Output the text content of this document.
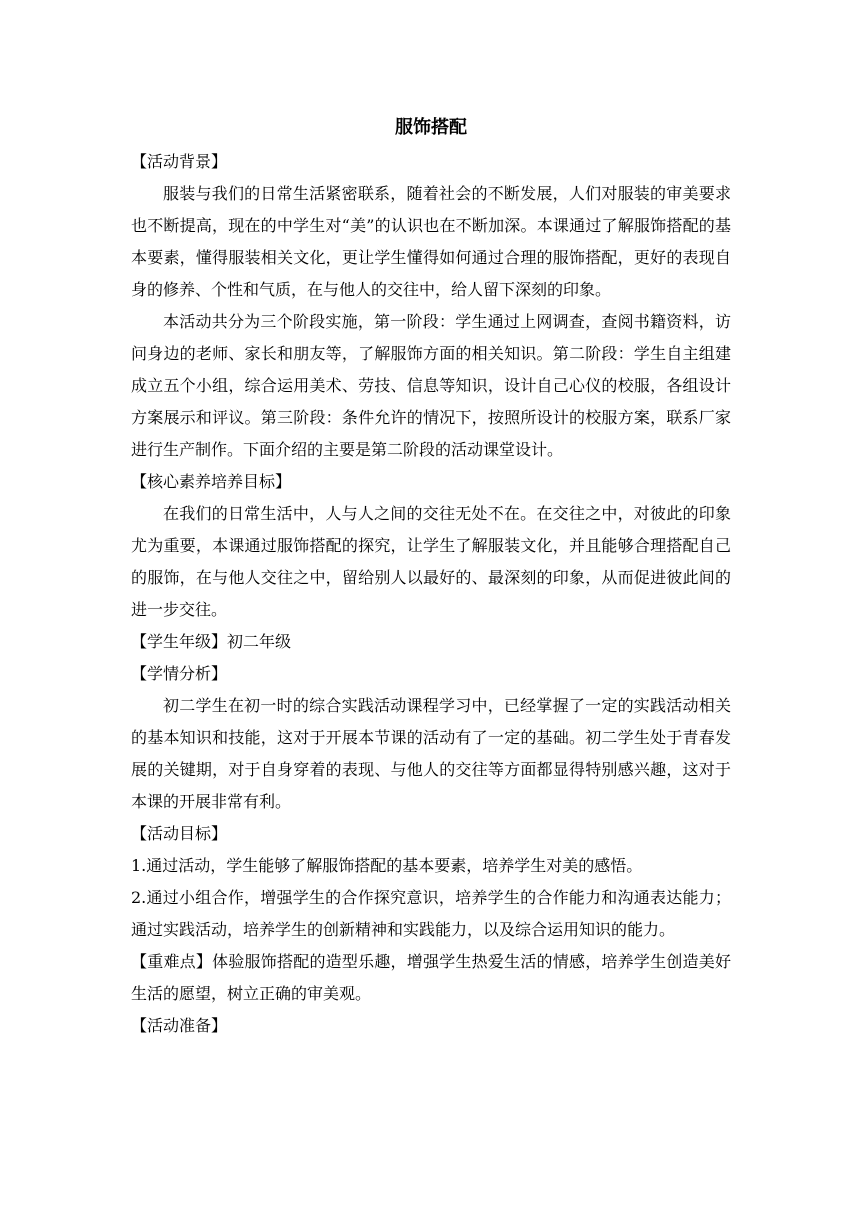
服饰搭配

【活动背景】

服装与我们的日常生活紧密联系，随着社会的不断发展，人们对服装的审美要求也不断提高，现在的中学生对“美”的认识也在不断加深。本课通过了解服饰搭配的基本要素，懂得服装相关文化，更让学生懂得如何通过合理的服饰搭配，更好的表现自身的修养、个性和气质，在与他人的交往中，给人留下深刻的印象。

本活动共分为三个阶段实施，第一阶段：学生通过上网调查，查阅书籍资料，访问身边的老师、家长和朋友等，了解服饰方面的相关知识。第二阶段：学生自主组建成立五个小组，综合运用美术、劳技、信息等知识，设计自己心仪的校服，各组设计方案展示和评议。第三阶段：条件允许的情况下，按照所设计的校服方案，联系厂家进行生产制作。下面介绍的主要是第二阶段的活动课堂设计。

【核心素养培养目标】

在我们的日常生活中，人与人之间的交往无处不在。在交往之中，对彼此的印象尤为重要，本课通过服饰搭配的探究，让学生了解服装文化，并且能够合理搭配自己的服饰，在与他人交往之中，留给别人以最好的、最深刻的印象，从而促进彼此间的进一步交往。

【学生年级】初二年级

【学情分析】

初二学生在初一时的综合实践活动课程学习中，已经掌握了一定的实践活动相关的基本知识和技能，这对于开展本节课的活动有了一定的基础。初二学生处于青春发展的关键期，对于自身穿着的表现、与他人的交往等方面都显得特别感兴趣，这对于本课的开展非常有利。

【活动目标】

1.通过活动，学生能够了解服饰搭配的基本要素，培养学生对美的感悟。

2.通过小组合作，增强学生的合作探究意识，培养学生的合作能力和沟通表达能力；通过实践活动，培养学生的创新精神和实践能力，以及综合运用知识的能力。

【重难点】体验服饰搭配的造型乐趣，增强学生热爱生活的情感，培养学生创造美好生活的愿望，树立正确的审美观。

【活动准备】
